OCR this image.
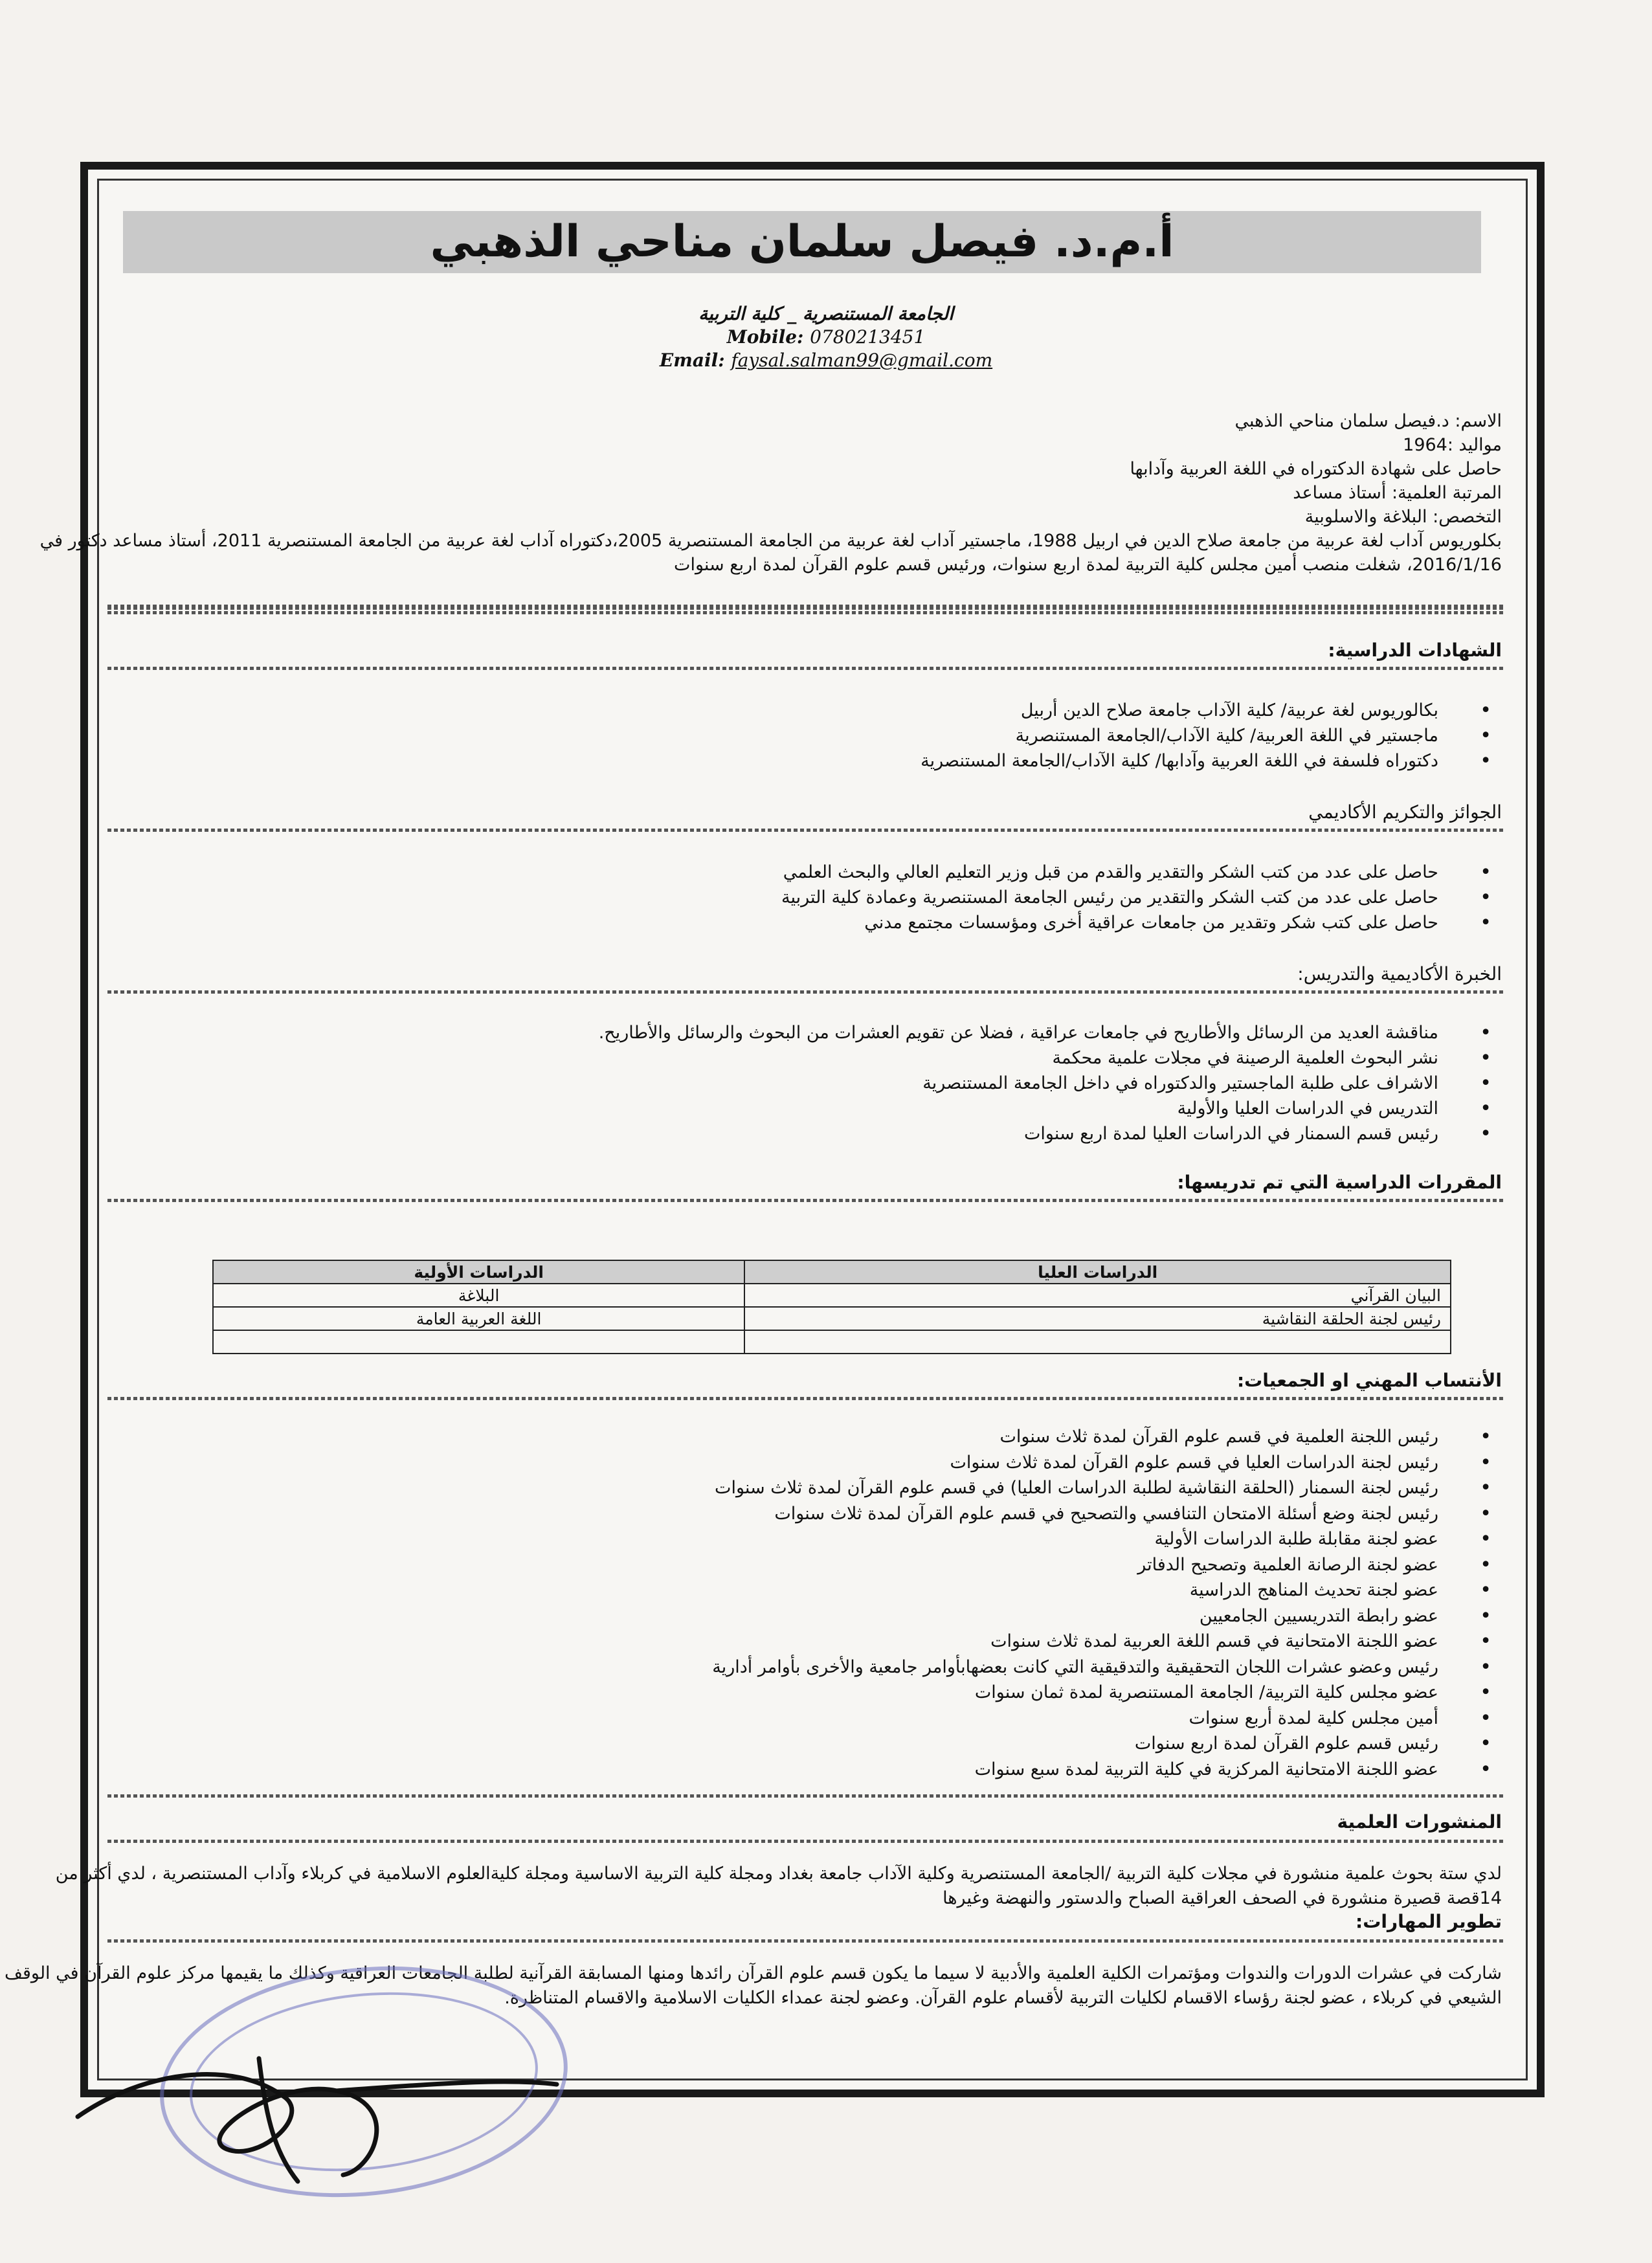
أ.م.د. فيصل سلمان مناحي الذهبي
الجامعة المستنصرية _ كلية التربية
Mobile: 0780213451
Email: faysal.salman99@gmail.com
الاسم: د.فيصل سلمان مناحي الذهبي
مواليد :1964
حاصل على شهادة الدكتوراه في اللغة العربية وآدابها
المرتبة العلمية: أستاذ مساعد
التخصص: البلاغة والاسلوبية
بكلوريوس آداب لغة عربية من جامعة صلاح الدين في اربيل 1988، ماجستير آداب لغة عربية من الجامعة المستنصرية 2005،دكتوراه آداب لغة عربية من الجامعة المستنصرية 2011، أستاذ مساعد دكتور في
2016/1/16، شغلت منصب أمين مجلس كلية التربية لمدة اربع سنوات، ورئيس قسم علوم القرآن لمدة اربع سنوات
الشهادات الدراسية:
• بكالوريوس لغة عربية/ كلية الآداب جامعة صلاح الدين أربيل
• ماجستير في اللغة العربية/ كلية الآداب/الجامعة المستنصرية
• دكتوراه فلسفة في اللغة العربية وآدابها/ كلية الآداب/الجامعة المستنصرية
الجوائز والتكريم الأكاديمي
• حاصل على عدد من كتب الشكر والتقدير والقدم من قبل وزير التعليم العالي والبحث العلمي
• حاصل على عدد من كتب الشكر والتقدير من رئيس الجامعة المستنصرية وعمادة كلية التربية
• حاصل على كتب شكر وتقدير من جامعات عراقية أخرى ومؤسسات مجتمع مدني
الخبرة الأكاديمية والتدريس:
• مناقشة العديد من الرسائل والأطاريح في جامعات عراقية ، فضلا عن تقويم العشرات من البحوث والرسائل والأطاريح.
• نشر البحوث العلمية الرصينة في مجلات علمية محكمة
• الاشراف على طلبة الماجستير والدكتوراه في داخل الجامعة المستنصرية
• التدريس في الدراسات العليا والأولية
• رئيس قسم السمنار في الدراسات العليا لمدة اربع سنوات
المقررات الدراسية التي تم تدريسها:
الدراسات العليا	الدراسات الأولية
البيان القرآني	البلاغة
رئيس لجنة الحلقة النقاشية	اللغة العربية العامة

الأنتساب المهني او الجمعيات:
• رئيس اللجنة العلمية في قسم علوم القرآن لمدة ثلاث سنوات
• رئيس لجنة الدراسات العليا في قسم علوم القرآن لمدة ثلاث سنوات
• رئيس لجنة السمنار (الحلقة النقاشية لطلبة الدراسات العليا) في قسم علوم القرآن لمدة ثلاث سنوات
• رئيس لجنة وضع أسئلة الامتحان التنافسي والتصحيح في قسم علوم القرآن لمدة ثلاث سنوات
• عضو لجنة مقابلة طلبة الدراسات الأولية
• عضو لجنة الرصانة العلمية وتصحيح الدفاتر
• عضو لجنة تحديث المناهج الدراسية
• عضو رابطة التدريسيين الجامعيين
• عضو اللجنة الامتحانية في قسم اللغة العربية لمدة ثلاث سنوات
• رئيس وعضو عشرات اللجان التحقيقية والتدقيقية التي كانت بعضهابأوامر جامعية والأخرى بأوامر أدارية
• عضو مجلس كلية التربية/ الجامعة المستنصرية لمدة ثمان سنوات
• أمين مجلس كلية لمدة أربع سنوات
• رئيس قسم علوم القرآن لمدة اربع سنوات
• عضو اللجنة الامتحانية المركزية في كلية التربية لمدة سبع سنوات
المنشورات العلمية
لدي ستة بحوث علمية منشورة في مجلات كلية التربية /الجامعة المستنصرية وكلية الآداب جامعة بغداد ومجلة كلية التربية الاساسية ومجلة كليةالعلوم الاسلامية في كربلاء وآداب المستنصرية ، لدي أكثر من
14قصة قصيرة منشورة في الصحف العراقية الصباح والدستور والنهضة وغيرها
تطوير المهارات:
شاركت في عشرات الدورات والندوات ومؤتمرات الكلية العلمية والأدبية لا سيما ما يكون قسم علوم القرآن رائدها ومنها المسابقة القرآنية لطلبة الجامعات العراقية وكذلك ما يقيمها مركز علوم القرآن في الوقف
الشيعي في كربلاء ، عضو لجنة رؤساء الاقسام لكليات التربية لأقسام علوم القرآن. وعضو لجنة عمداء الكليات الاسلامية والاقسام المتناظرة.
